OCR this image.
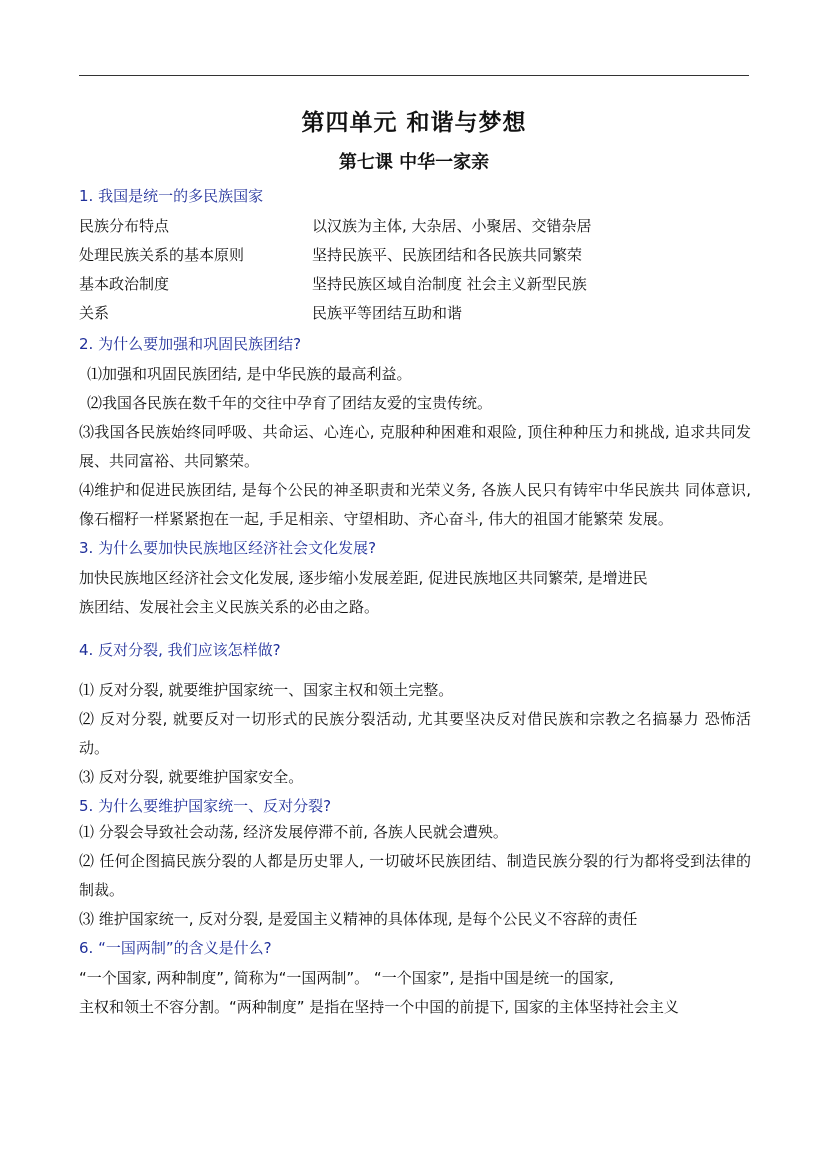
第四单元 和谐与梦想
第七课 中华一家亲

1. 我国是统一的多民族国家

民族分布特点	以汉族为主体, 大杂居、小聚居、交错杂居
处理民族关系的基本原则	坚持民族平、民族团结和各民族共同繁荣
基本政治制度	坚持民族区域自治制度 社会主义新型民族
关系	民族平等团结互助和谐

2. 为什么要加强和巩固民族团结?

⑴加强和巩固民族团结, 是中华民族的最高利益。

⑵我国各民族在数千年的交往中孕育了团结友爱的宝贵传统。

⑶我国各民族始终同呼吸、共命运、心连心, 克服种种困难和艰险, 顶住种种压力和挑战, 追求共同发展、共同富裕、共同繁荣。

⑷维护和促进民族团结, 是每个公民的神圣职责和光荣义务, 各族人民只有铸牢中华民族共 同体意识, 像石榴籽一样紧紧抱在一起, 手足相亲、守望相助、齐心奋斗, 伟大的祖国才能繁荣 发展。

3. 为什么要加快民族地区经济社会文化发展?

加快民族地区经济社会文化发展, 逐步缩小发展差距, 促进民族地区共同繁荣, 是增进民

族团结、发展社会主义民族关系的必由之路。

4. 反对分裂, 我们应该怎样做?

⑴ 反对分裂, 就要维护国家统一、国家主权和领土完整。

⑵ 反对分裂, 就要反对一切形式的民族分裂活动, 尤其要坚决反对借民族和宗教之名搞暴力 恐怖活动。

⑶ 反对分裂, 就要维护国家安全。

5. 为什么要维护国家统一、反对分裂?

⑴ 分裂会导致社会动荡, 经济发展停滞不前, 各族人民就会遭殃。

⑵ 任何企图搞民族分裂的人都是历史罪人, 一切破坏民族团结、制造民族分裂的行为都将受到法律的制裁。

⑶ 维护国家统一, 反对分裂, 是爱国主义精神的具体体现, 是每个公民义不容辞的责任

6. “一国两制”的含义是什么?

“一个国家, 两种制度”, 简称为“一国两制”。 “一个国家”, 是指中国是统一的国家,

主权和领土不容分割。“两种制度” 是指在坚持一个中国的前提下, 国家的主体坚持社会主义
